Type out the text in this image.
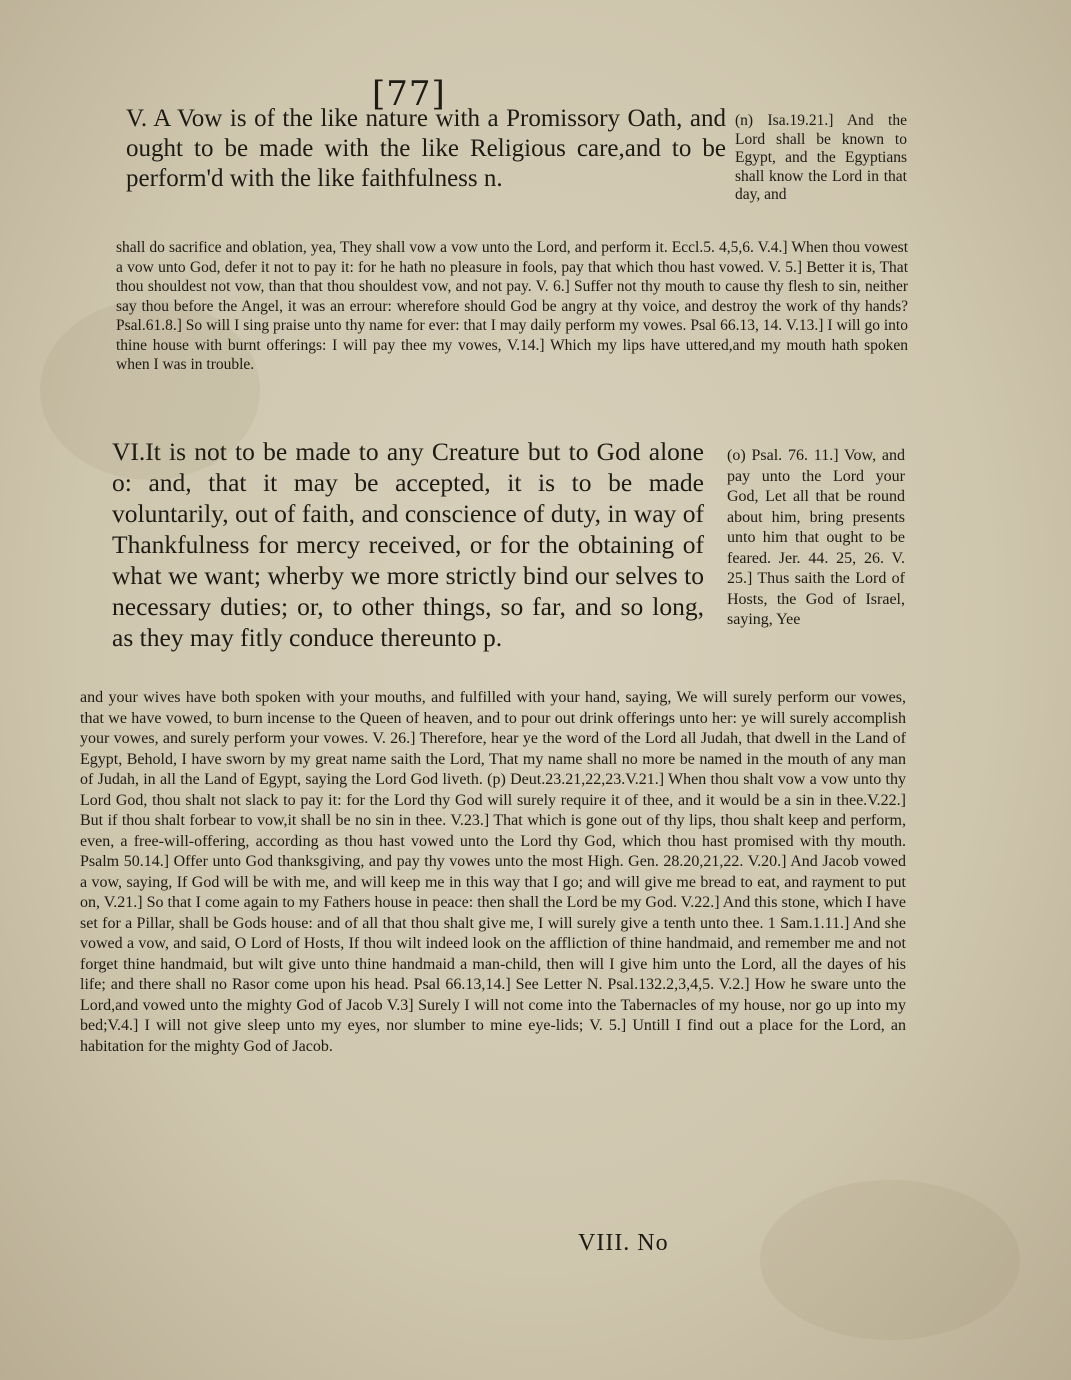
[77]
V. A Vow is of the like nature with a Promissory Oath, and ought to be made with the like Religious care,and to be perform'd with the like faithfulness n.
(n) Isa.19.21.] And the Lord shall be known to Egypt, and the Egyptians shall know the Lord in that day, and
shall do sacrifice and oblation, yea, They shall vow a vow unto the Lord, and perform it. Eccl.5. 4,5,6. V.4.] When thou vowest a vow unto God, defer it not to pay it: for he hath no pleasure in fools, pay that which thou hast vowed. V. 5.] Better it is, That thou shouldest not vow, than that thou shouldest vow, and not pay. V. 6.] Suffer not thy mouth to cause thy flesh to sin, neither say thou before the Angel, it was an errour: wherefore should God be angry at thy voice, and destroy the work of thy hands? Psal.61.8.] So will I sing praise unto thy name for ever: that I may daily perform my vowes. Psal 66.13, 14. V.13.] I will go into thine house with burnt offerings: I will pay thee my vowes, V.14.] Which my lips have uttered,and my mouth hath spoken when I was in trouble.
VI.It is not to be made to any Creature but to God alone o: and, that it may be accepted, it is to be made voluntarily, out of faith, and conscience of duty, in way of Thankfulness for mercy received, or for the obtaining of what we want; wherby we more strictly bind our selves to necessary duties; or, to other things, so far, and so long, as they may fitly conduce thereunto p.
(o) Psal. 76. 11.] Vow, and pay unto the Lord your God, Let all that be round about him, bring presents unto him that ought to be feared. Jer. 44. 25, 26. V. 25.] Thus saith the Lord of Hosts, the God of Israel, saying, Yee
and your wives have both spoken with your mouths, and fulfilled with your hand, saying, We will surely perform our vowes, that we have vowed, to burn incense to the Queen of heaven, and to pour out drink offerings unto her: ye will surely accomplish your vowes, and surely perform your vowes. V. 26.] Therefore, hear ye the word of the Lord all Judah, that dwell in the Land of Egypt, Behold, I have sworn by my great name saith the Lord, That my name shall no more be named in the mouth of any man of Judah, in all the Land of Egypt, saying the Lord God liveth. (p) Deut.23.21,22,23.V.21.] When thou shalt vow a vow unto thy Lord God, thou shalt not slack to pay it: for the Lord thy God will surely require it of thee, and it would be a sin in thee.V.22.] But if thou shalt forbear to vow,it shall be no sin in thee. V.23.] That which is gone out of thy lips, thou shalt keep and perform, even, a free-will-offering, according as thou hast vowed unto the Lord thy God, which thou hast promised with thy mouth. Psalm 50.14.] Offer unto God thanksgiving, and pay thy vowes unto the most High. Gen. 28.20,21,22. V.20.] And Jacob vowed a vow, saying, If God will be with me, and will keep me in this way that I go; and will give me bread to eat, and rayment to put on, V.21.] So that I come again to my Fathers house in peace: then shall the Lord be my God. V.22.] And this stone, which I have set for a Pillar, shall be Gods house: and of all that thou shalt give me, I will surely give a tenth unto thee. 1 Sam.1.11.] And she vowed a vow, and said, O Lord of Hosts, If thou wilt indeed look on the affliction of thine handmaid, and remember me and not forget thine handmaid, but wilt give unto thine handmaid a man-child, then will I give him unto the Lord, all the dayes of his life; and there shall no Rasor come upon his head. Psal 66.13,14.] See Letter N. Psal.132.2,3,4,5. V.2.] How he sware unto the Lord,and vowed unto the mighty God of Jacob V.3] Surely I will not come into the Tabernacles of my house, nor go up into my bed;V.4.] I will not give sleep unto my eyes, nor slumber to mine eye-lids; V. 5.] Untill I find out a place for the Lord, an habitation for the mighty God of Jacob.
VIII. No
